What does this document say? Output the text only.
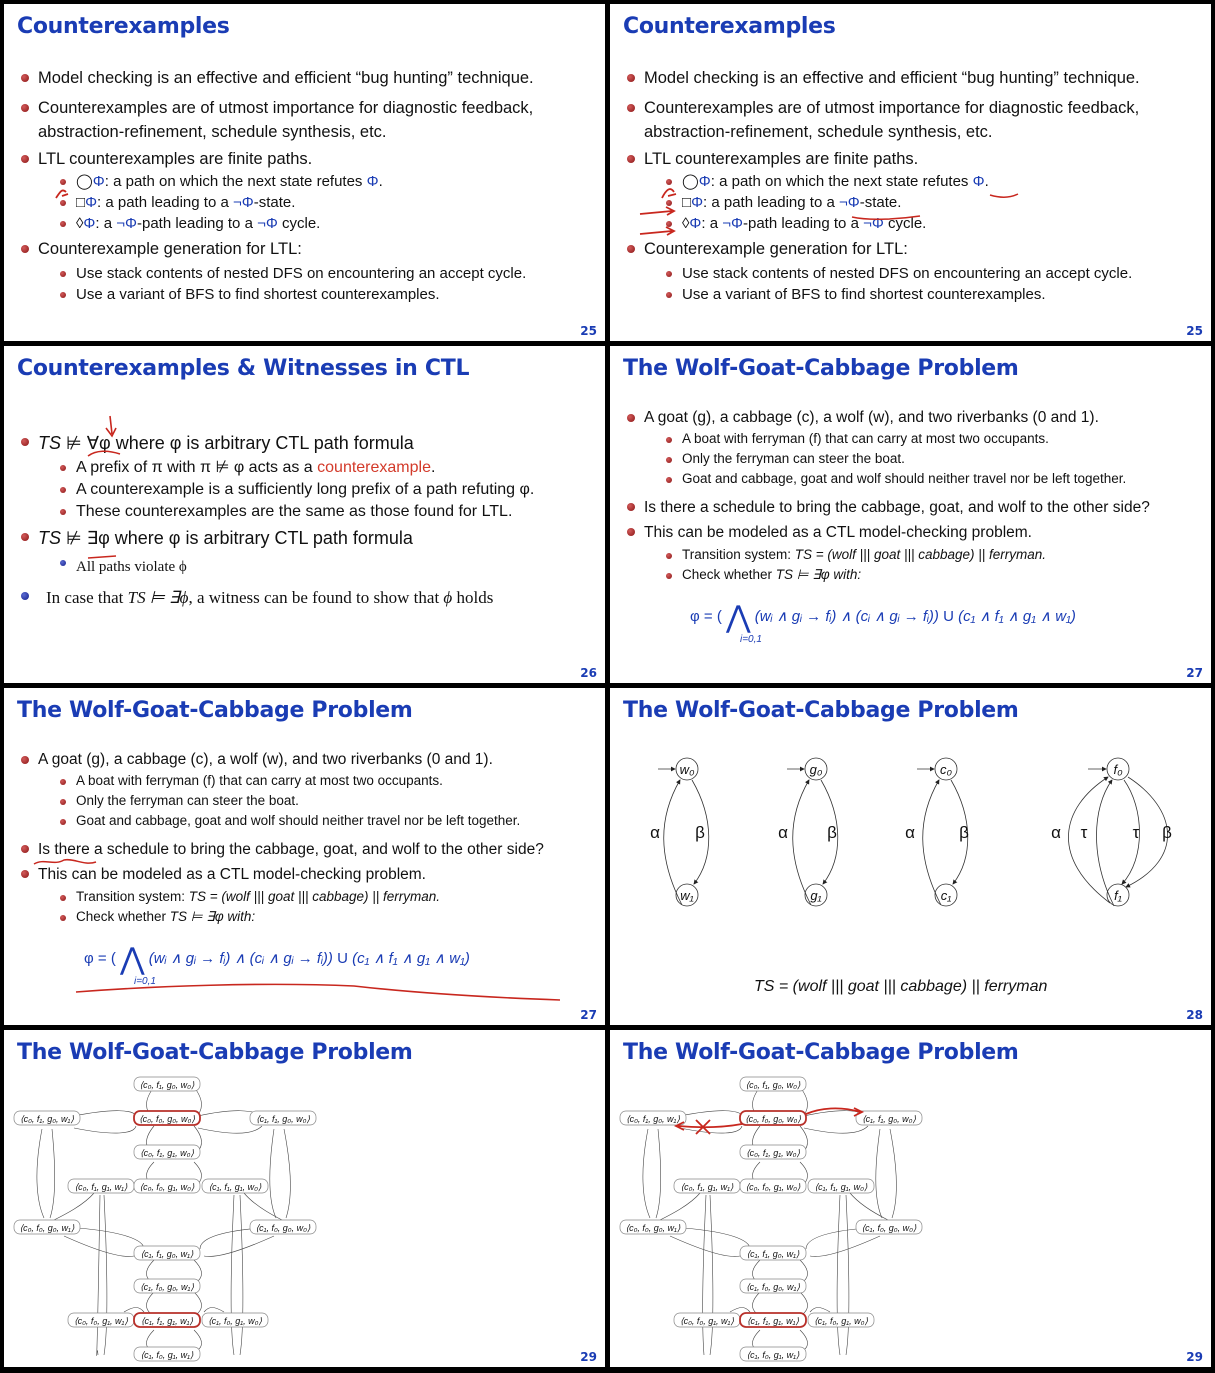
Counterexamples
Model checking is an effective and efficient “bug hunting” technique.
Counterexamples are of utmost importance for diagnostic feedback, abstraction-refinement, schedule synthesis, etc.
LTL counterexamples are finite paths.
◯Φ: a path on which the next state refutes Φ.
□Φ: a path leading to a ¬Φ-state.
◊Φ: a ¬Φ-path leading to a ¬Φ cycle.
Counterexample generation for LTL:
Use stack contents of nested DFS on encountering an accept cycle.
Use a variant of BFS to find shortest counterexamples.
25
Counterexamples
Model checking is an effective and efficient “bug hunting” technique.
Counterexamples are of utmost importance for diagnostic feedback, abstraction-refinement, schedule synthesis, etc.
LTL counterexamples are finite paths.
◯Φ: a path on which the next state refutes Φ.
□Φ: a path leading to a ¬Φ-state.
◊Φ: a ¬Φ-path leading to a ¬Φ cycle.
Counterexample generation for LTL:
Use stack contents of nested DFS on encountering an accept cycle.
Use a variant of BFS to find shortest counterexamples.
25
Counterexamples & Witnesses in CTL
TS ⊭ ∀φ where φ is arbitrary CTL path formula
A prefix of π with π ⊭ φ acts as a counterexample.
A counterexample is a sufficiently long prefix of a path refuting φ.
These counterexamples are the same as those found for LTL.
TS ⊭ ∃φ where φ is arbitrary CTL path formula
All paths violate ϕ
In case that TS ⊨ ∃ϕ, a witness can be found to show that ϕ holds
26
The Wolf-Goat-Cabbage Problem
A goat (g), a cabbage (c), a wolf (w), and two riverbanks (0 and 1).
A boat with ferryman (f) that can carry at most two occupants.
Only the ferryman can steer the boat.
Goat and cabbage, goat and wolf should neither travel nor be left together.
Is there a schedule to bring the cabbage, goat, and wolf to the other side?
This can be modeled as a CTL model-checking problem.
Transition system: TS = (wolf ||| goat ||| cabbage) || ferryman.
Check whether TS ⊨ ∃φ with:
φ = ( ⋀
i=0,1
(wᵢ ∧ gᵢ → fᵢ) ∧ (cᵢ ∧ gᵢ → fᵢ)) U (c₁ ∧ f₁ ∧ g₁ ∧ w₁)
27
The Wolf-Goat-Cabbage Problem
A goat (g), a cabbage (c), a wolf (w), and two riverbanks (0 and 1).
A boat with ferryman (f) that can carry at most two occupants.
Only the ferryman can steer the boat.
Goat and cabbage, goat and wolf should neither travel nor be left together.
Is there a schedule to bring the cabbage, goat, and wolf to the other side?
This can be modeled as a CTL model-checking problem.
Transition system: TS = (wolf ||| goat ||| cabbage) || ferryman.
Check whether TS ⊨ ∃φ with:
φ = ( ⋀
i=0,1
(wᵢ ∧ gᵢ → fᵢ) ∧ (cᵢ ∧ gᵢ → fᵢ)) U (c₁ ∧ f₁ ∧ g₁ ∧ w₁)
27
The Wolf-Goat-Cabbage Problem
w₀
w₁
g₀
g₁
c₀
c₁
f₀
f₁
α β	α β	α	β	α τ	τ β
TS = (wolf ||| goat ||| cabbage) || ferryman
28
The Wolf-Goat-Cabbage Problem
⟨c₀, f₁, g₀, w₀⟩
⟨c₀, f₁, g₀, w₁⟩	⟨c₀, f₀, g₀, w₀⟩	⟨c₁, f₁, g₀, w₀⟩
⟨c₀, f₁, g₁, w₀⟩
⟨c₀, f₁, g₁, w₁⟩ ⟨c₀, f₀, g₁, w₀⟩ ⟨c₁, f₁, g₁, w₀⟩
⟨c₀, f₀, g₀, w₁⟩	⟨c₁, f₀, g₀, w₀⟩
⟨c₁, f₁, g₀, w₁⟩
⟨c₁, f₀, g₀, w₁⟩
⟨c₀, f₀, g₁, w₁⟩ ⟨c₁, f₁, g₁, w₁⟩ ⟨c₁, f₀, g₁, w₀⟩
⟨c₁, f₀, g₁, w₁⟩	29
The Wolf-Goat-Cabbage Problem
⟨c₀, f₁, g₀, w₀⟩
⟨c₀, f₁, g₀, w₁⟩	⟨c₀, f₀, g₀, w₀⟩	⟨c₁, f₁, g₀, w₀⟩
⟨c₀, f₁, g₁, w₀⟩
⟨c₀, f₁, g₁, w₁⟩ ⟨c₀, f₀, g₁, w₀⟩ ⟨c₁, f₁, g₁, w₀⟩
⟨c₀, f₀, g₀, w₁⟩	⟨c₁, f₀, g₀, w₀⟩
⟨c₁, f₁, g₀, w₁⟩
⟨c₁, f₀, g₀, w₁⟩
⟨c₀, f₀, g₁, w₁⟩ ⟨c₁, f₁, g₁, w₁⟩ ⟨c₁, f₀, g₁, w₀⟩
⟨c₁, f₀, g₁, w₁⟩	29
